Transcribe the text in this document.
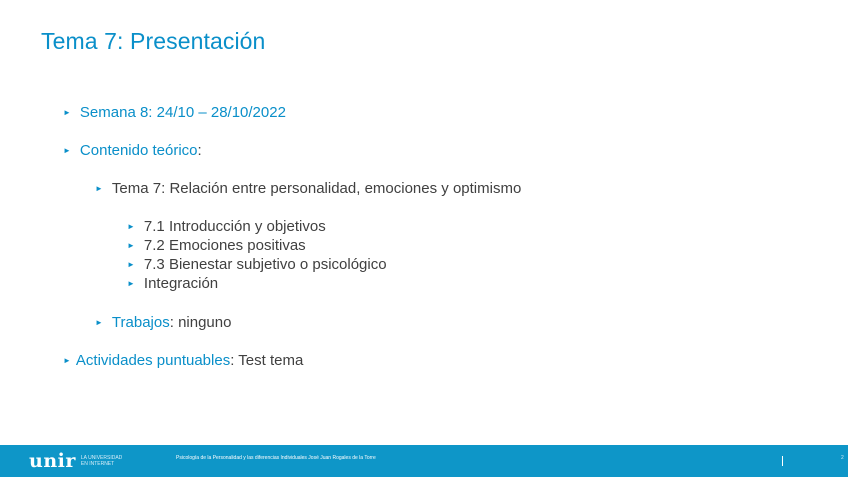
Tema 7: Presentación
► Semana 8: 24/10 – 28/10/2022
► Contenido teórico:
► Tema 7: Relación entre personalidad, emociones y optimismo
► 7.1 Introducción y objetivos
► 7.2 Emociones positivas
► 7.3 Bienestar subjetivo o psicológico
► Integración
► Trabajos: ninguno
► Actividades puntuables: Test tema
unir LA UNIVERSIDAD
EN INTERNET
Psicología de la Personalidad y las diferencias Individuales José Juan Rogales de la Torre	2
